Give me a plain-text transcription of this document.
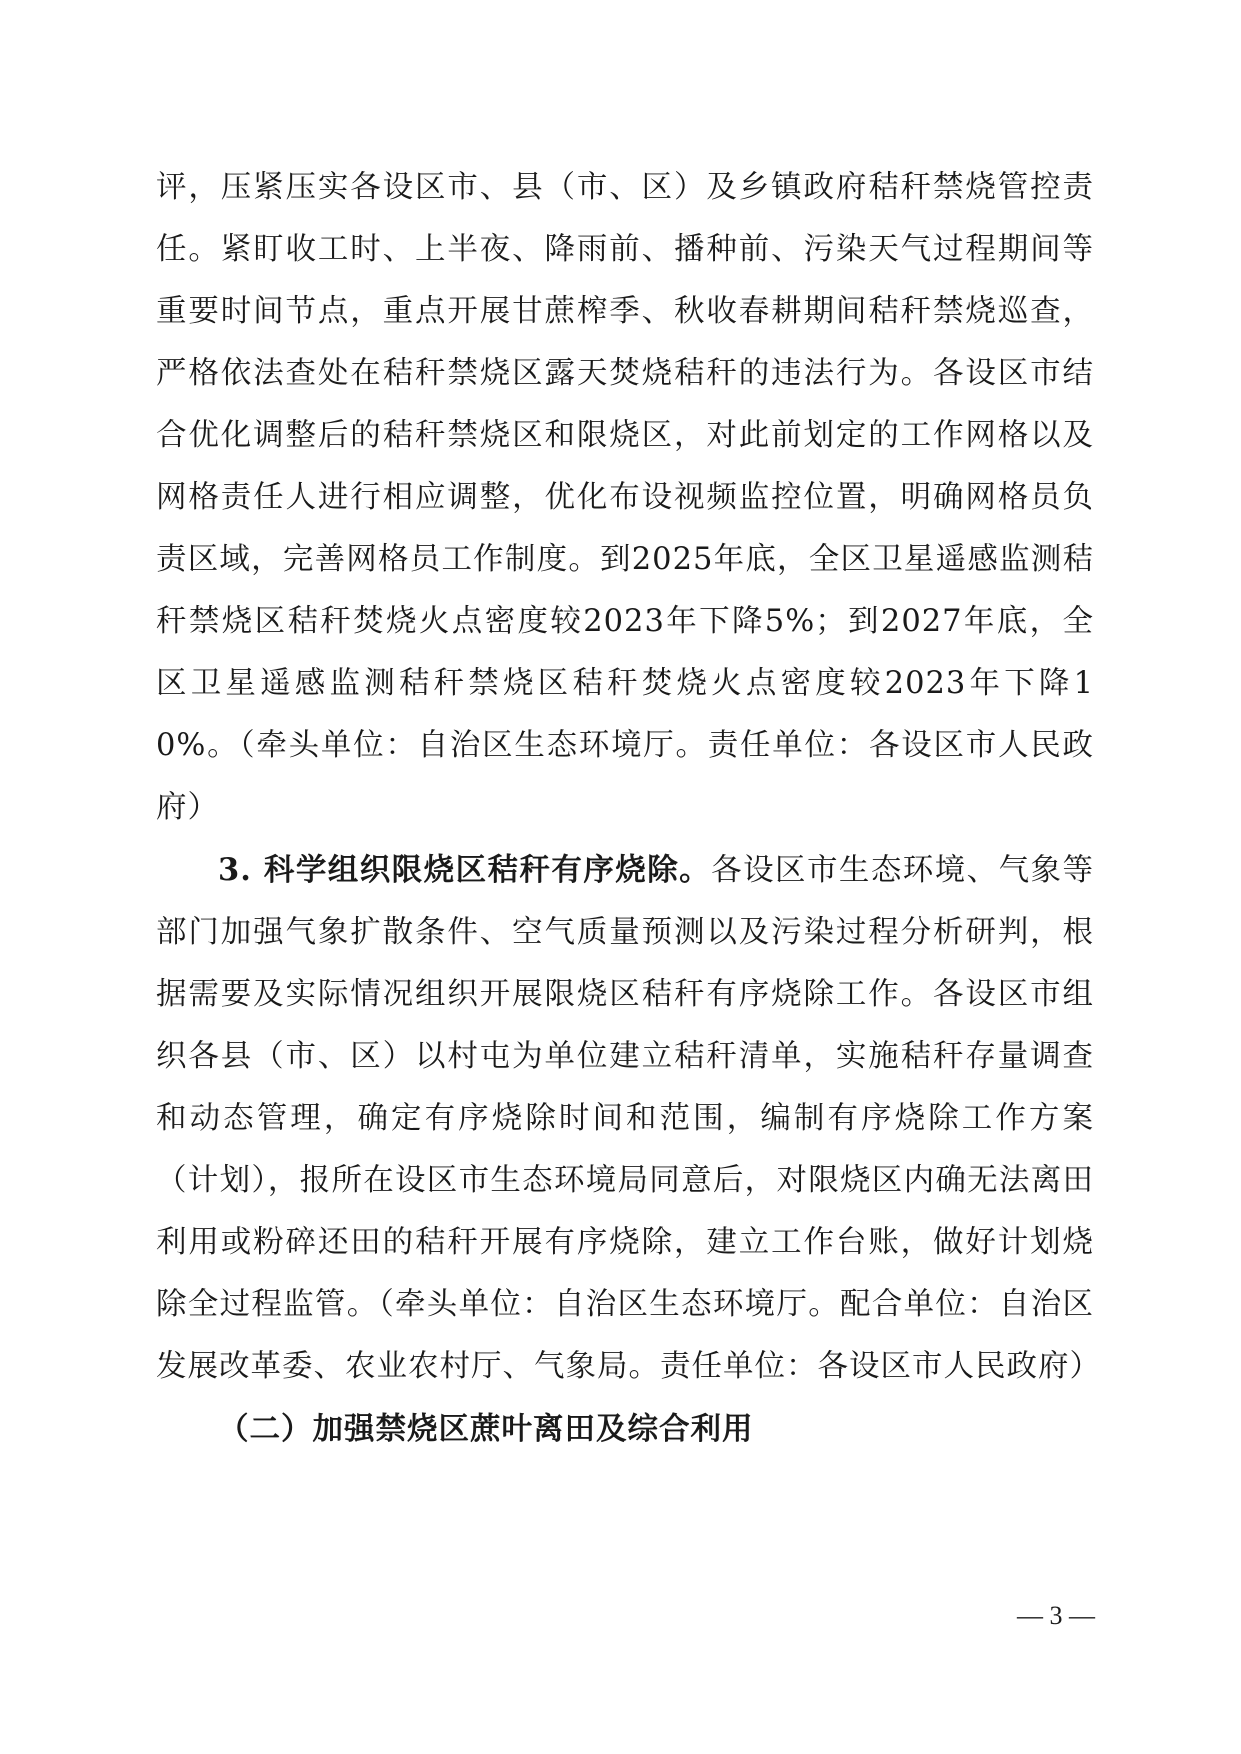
评，压紧压实各设区市、县（市、区）及乡镇政府秸秆禁烧管控责任。紧盯收工时、上半夜、降雨前、播种前、污染天气过程期间等重要时间节点，重点开展甘蔗榨季、秋收春耕期间秸秆禁烧巡查，严格依法查处在秸秆禁烧区露天焚烧秸秆的违法行为。各设区市结合优化调整后的秸秆禁烧区和限烧区，对此前划定的工作网格以及网格责任人进行相应调整，优化布设视频监控位置，明确网格员负责区域，完善网格员工作制度。到2025年底，全区卫星遥感监测秸秆禁烧区秸秆焚烧火点密度较2023年下降5%；到2027年底，全区卫星遥感监测秸秆禁烧区秸秆焚烧火点密度较2023年下降10%。（牵头单位：自治区生态环境厅。责任单位：各设区市人民政府）

3. 科学组织限烧区秸秆有序烧除。各设区市生态环境、气象等部门加强气象扩散条件、空气质量预测以及污染过程分析研判，根据需要及实际情况组织开展限烧区秸秆有序烧除工作。各设区市组织各县（市、区）以村屯为单位建立秸秆清单，实施秸秆存量调查和动态管理，确定有序烧除时间和范围，编制有序烧除工作方案（计划），报所在设区市生态环境局同意后，对限烧区内确无法离田利用或粉碎还田的秸秆开展有序烧除，建立工作台账，做好计划烧除全过程监管。（牵头单位：自治区生态环境厅。配合单位：自治区发展改革委、农业农村厅、气象局。责任单位：各设区市人民政府）

（二）加强禁烧区蔗叶离田及综合利用

— 3 —
